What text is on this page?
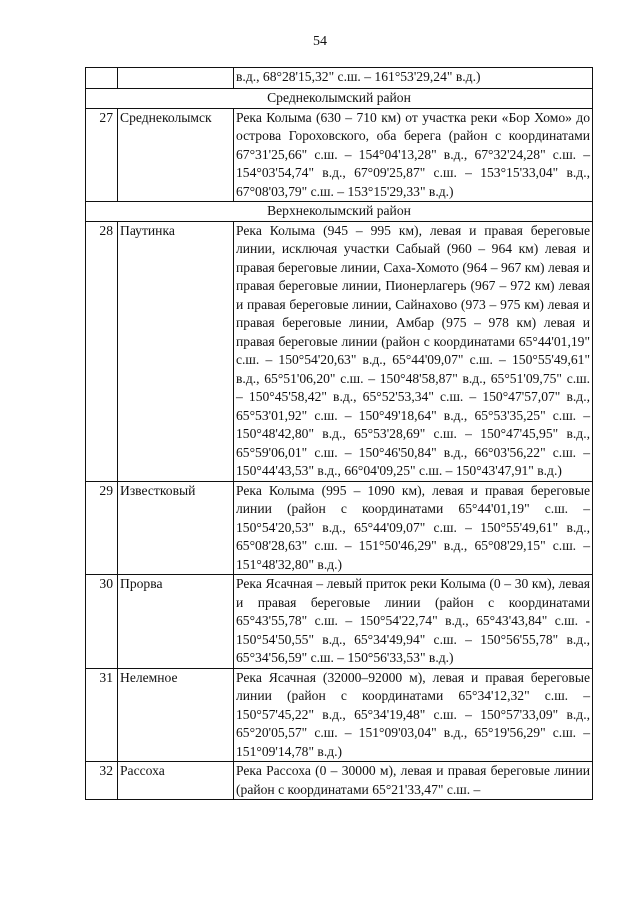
54
		в.д., 68°28'15,32" с.ш. – 161°53'29,24" в.д.)
Среднеколымский район		
27	Среднеколымск	Река Колыма (630 – 710 км) от участка реки «Бор Хомо» до острова Гороховского, оба берега (район с координатами 67°31'25,66" с.ш. – 154°04'13,28" в.д., 67°32'24,28" с.ш. – 154°03'54,74" в.д., 67°09'25,87" с.ш. – 153°15'33,04" в.д., 67°08'03,79" с.ш. – 153°15'29,33" в.д.)
Верхнеколымский район		
28	Паутинка	Река Колыма (945 – 995 км), левая и правая береговые линии, исключая участки Сабыай (960 – 964 км) левая и правая береговые линии, Саха-Хомото (964 – 967 км) левая и правая береговые линии, Пионерлагерь (967 – 972 км) левая и правая береговые линии, Сайнахово (973 – 975 км) левая и правая береговые линии, Амбар (975 – 978 км) левая и правая береговые линии (район с координатами 65°44'01,19" с.ш. – 150°54'20,63" в.д., 65°44'09,07" с.ш. – 150°55'49,61" в.д., 65°51'06,20" с.ш. – 150°48'58,87" в.д., 65°51'09,75" с.ш. – 150°45'58,42" в.д., 65°52'53,34" с.ш. – 150°47'57,07" в.д., 65°53'01,92" с.ш. – 150°49'18,64" в.д., 65°53'35,25" с.ш. – 150°48'42,80" в.д., 65°53'28,69" с.ш. – 150°47'45,95" в.д., 65°59'06,01" с.ш. – 150°46'50,84" в.д., 66°03'56,22" с.ш. – 150°44'43,53" в.д., 66°04'09,25" с.ш. – 150°43'47,91" в.д.)
29	Известковый	Река Колыма (995 – 1090 км), левая и правая береговые линии (район с координатами 65°44'01,19" с.ш. – 150°54'20,53" в.д., 65°44'09,07" с.ш. – 150°55'49,61" в.д., 65°08'28,63" с.ш. – 151°50'46,29" в.д., 65°08'29,15" с.ш. – 151°48'32,80" в.д.)
30	Прорва	Река Ясачная – левый приток реки Колыма (0 – 30 км), левая и правая береговые линии (район с координатами 65°43'55,78" с.ш. – 150°54'22,74" в.д., 65°43'43,84" с.ш. - 150°54'50,55" в.д., 65°34'49,94" с.ш. – 150°56'55,78" в.д., 65°34'56,59" с.ш. – 150°56'33,53" в.д.)
31	Нелемное	Река Ясачная (32000–92000 м), левая и правая береговые линии (район с координатами 65°34'12,32" с.ш. – 150°57'45,22" в.д., 65°34'19,48" с.ш. – 150°57'33,09" в.д., 65°20'05,57" с.ш. – 151°09'03,04" в.д., 65°19'56,29" с.ш. – 151°09'14,78" в.д.)
32	Рассоха	Река Рассоха (0 – 30000 м), левая и правая береговые линии (район с координатами 65°21'33,47" с.ш. –
